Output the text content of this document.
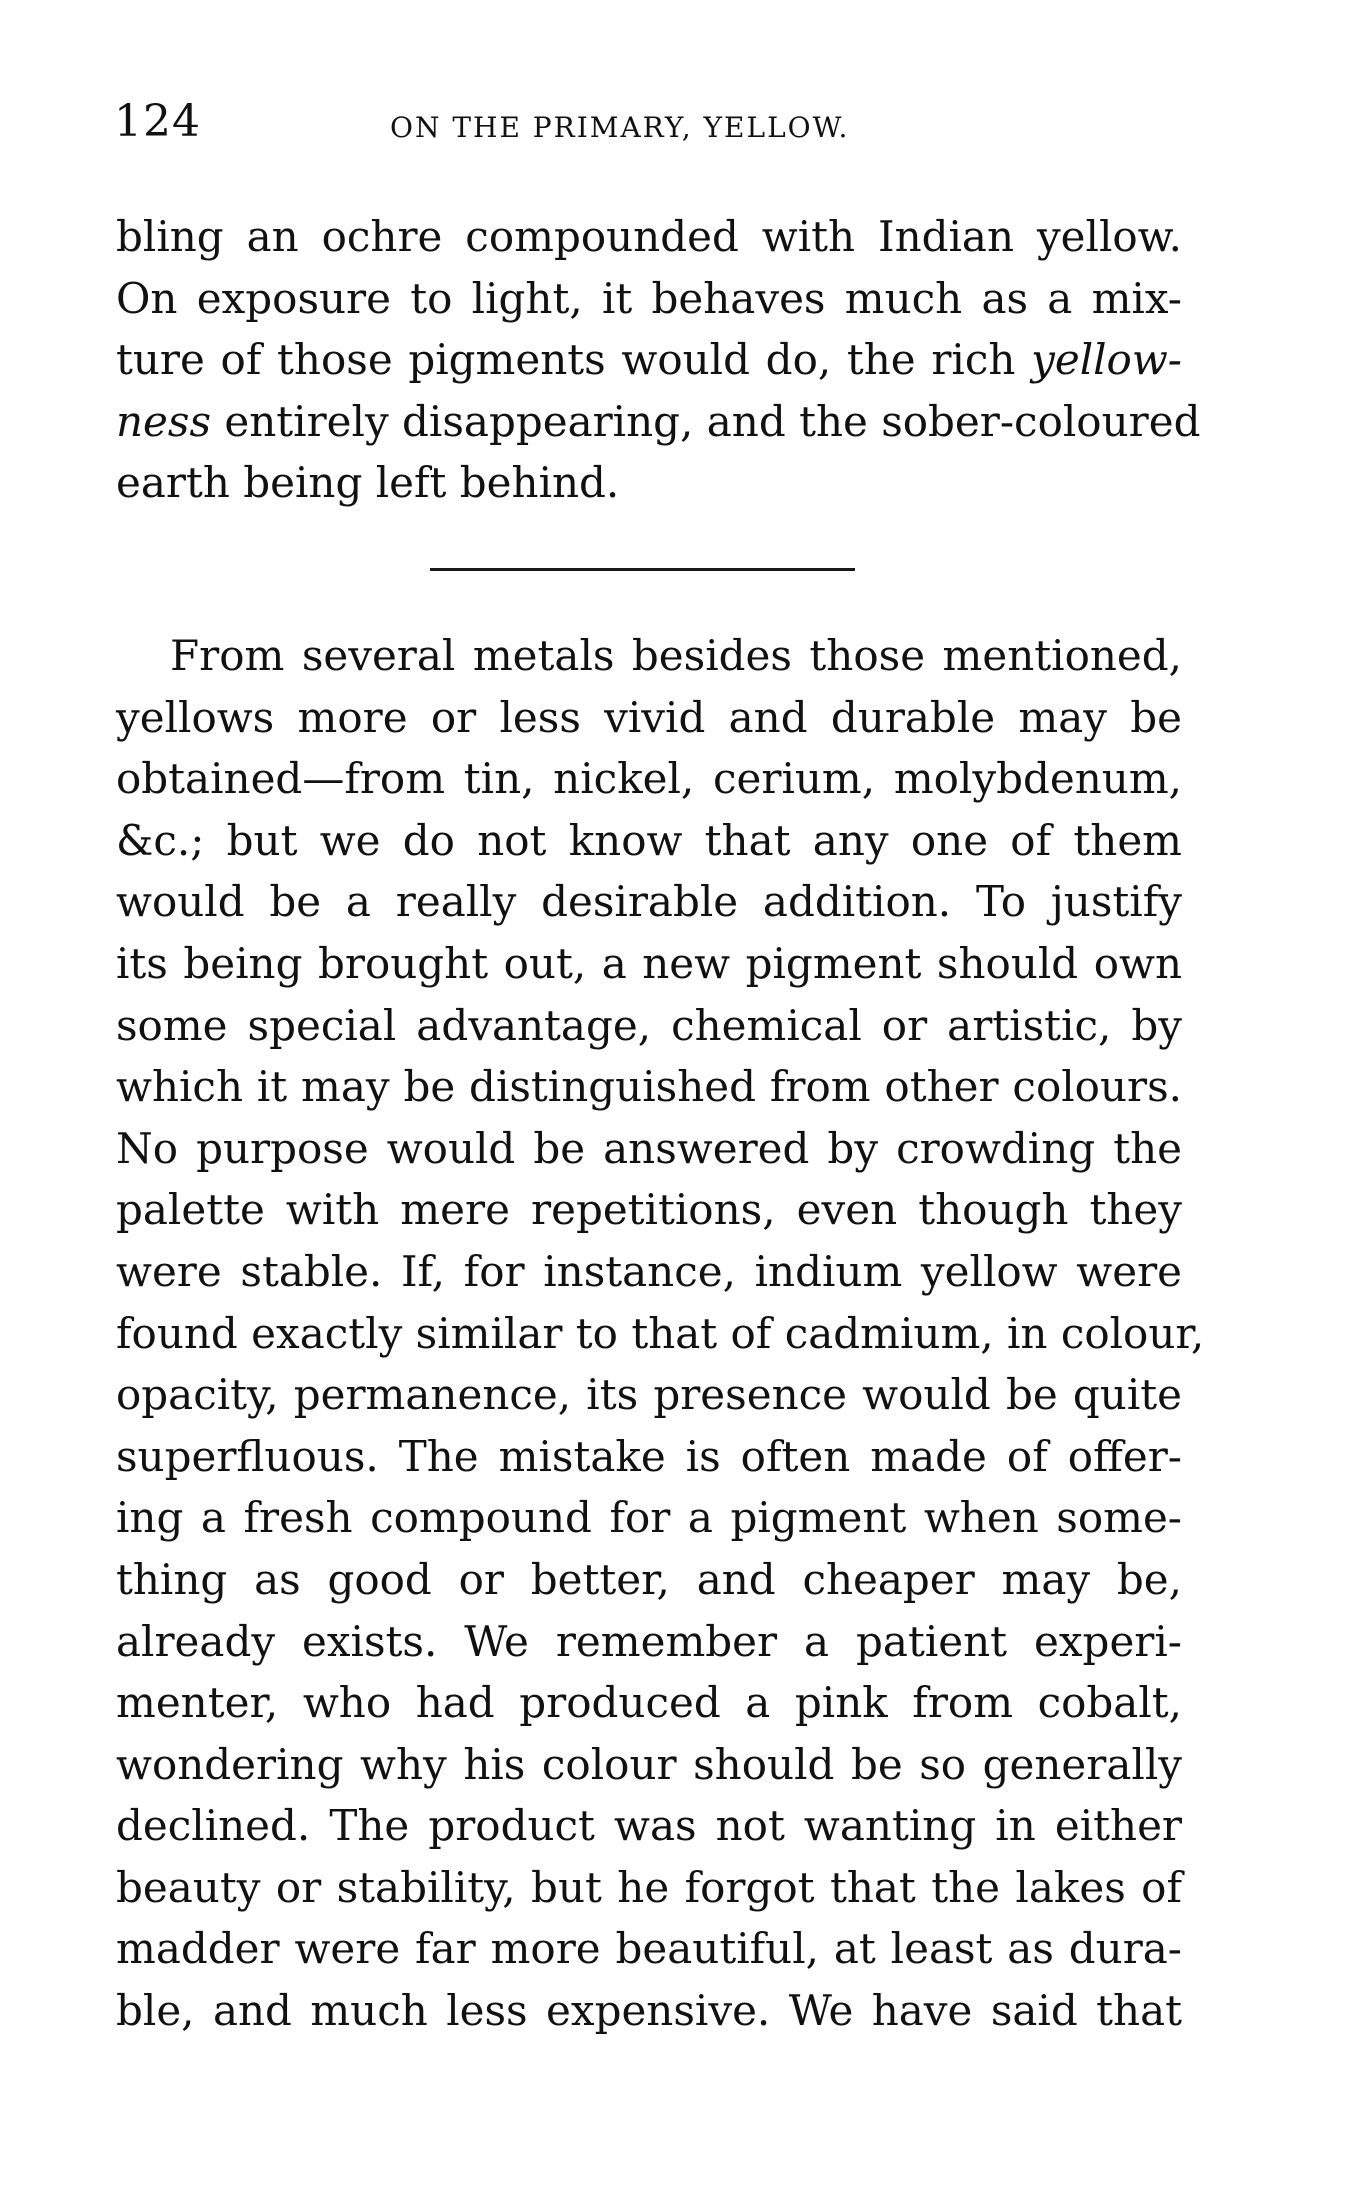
124	ON THE PRIMARY, YELLOW.
bling an ochre compounded with Indian yellow.
On exposure to light, it behaves much as a mix-
ture of those pigments would do, the rich yellow-
ness entirely disappearing, and the sober-coloured
earth being left behind.
From several metals besides those mentioned,
yellows more or less vivid and durable may be
obtained—from tin, nickel, cerium, molybdenum,
&c.; but we do not know that any one of them
would be a really desirable addition. To justify
its being brought out, a new pigment should own
some special advantage, chemical or artistic, by
which it may be distinguished from other colours.
No purpose would be answered by crowding the
palette with mere repetitions, even though they
were stable. If, for instance, indium yellow were
found exactly similar to that of cadmium, in colour,
opacity, permanence, its presence would be quite
superfluous. The mistake is often made of offer-
ing a fresh compound for a pigment when some-
thing as good or better, and cheaper may be,
already exists. We remember a patient experi-
menter, who had produced a pink from cobalt,
wondering why his colour should be so generally
declined. The product was not wanting in either
beauty or stability, but he forgot that the lakes of
madder were far more beautiful, at least as dura-
ble, and much less expensive. We have said that
